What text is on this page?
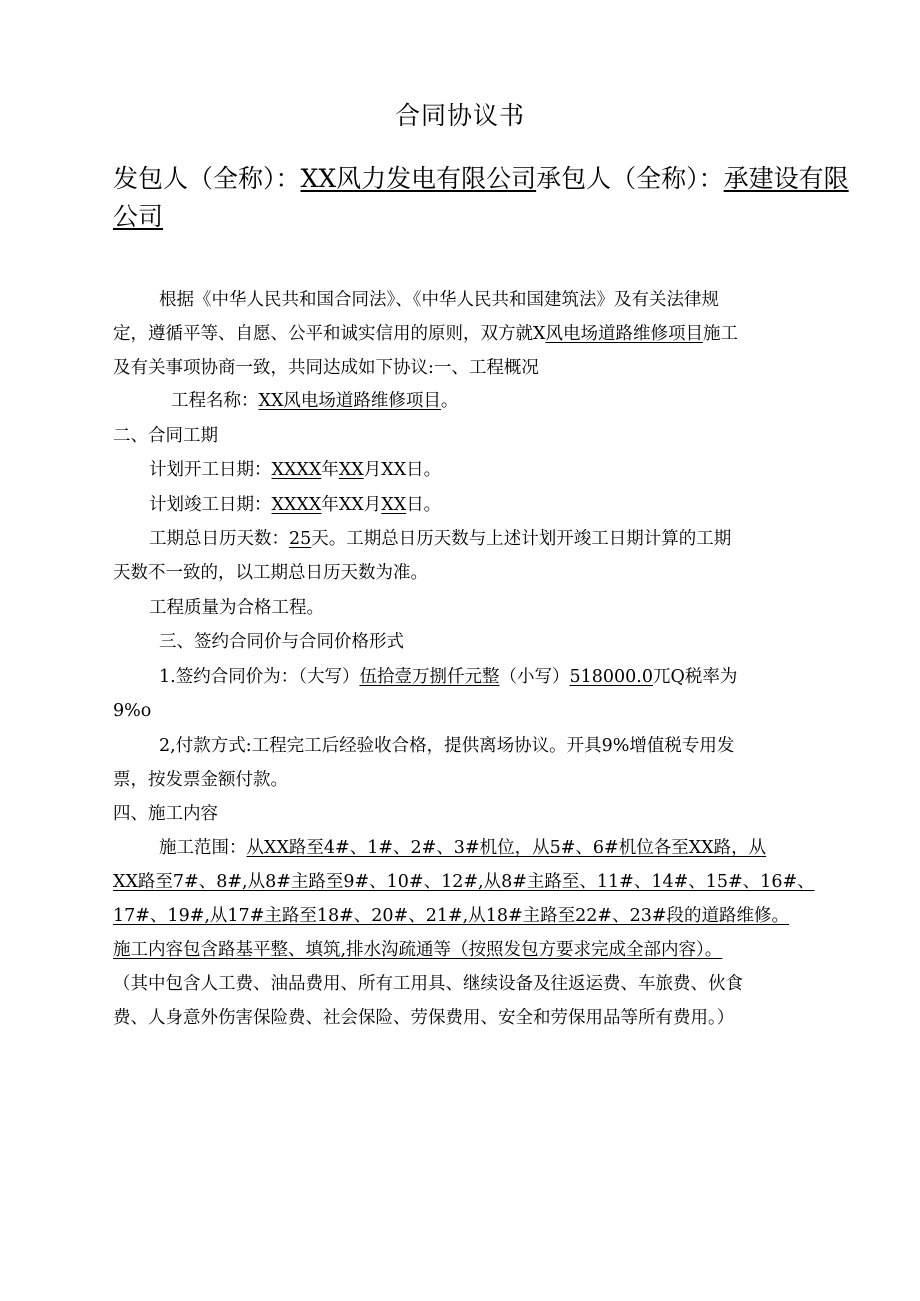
合同协议书
发包人（全称）：XX风力发电有限公司承包人（全称）：承建设有限
公司
根据《中华人民共和国合同法》、《中华人民共和国建筑法》及有关法律规
定，遵循平等、自愿、公平和诚实信用的原则，双方就X风电场道路维修项目施工
及有关事项协商一致，共同达成如下协议:一、工程概况
工程名称：XX风电场道路维修项目。
二、合同工期
计划开工日期：XXXX年XX月XX日。
计划竣工日期：XXXX年XX月XX日。
工期总日历天数：25天。工期总日历天数与上述计划开竣工日期计算的工期
天数不一致的，以工期总日历天数为准。
工程质量为合格工程。
三、签约合同价与合同价格形式
1.签约合同价为：（大写）伍拾壹万捌仟元整（小写）518000.0兀Q税率为
9%o
2,付款方式:工程完工后经验收合格，提供离场协议。开具9%增值税专用发
票，按发票金额付款。
四、施工内容
施工范围：从XX路至4#、1#、2#、3#机位，从5#、6#机位各至XX路，从
XX路至7#、8#,从8#主路至9#、10#、12#,从8#主路至、11#、14#、15#、16#、
17#、19#,从17#主路至18#、20#、21#,从18#主路至22#、23#段的道路维修。
施工内容包含路基平整、填筑,排水沟疏通等（按照发包方要求完成全部内容）。
（其中包含人工费、油品费用、所有工用具、继续设备及往返运费、车旅费、伙食
费、人身意外伤害保险费、社会保险、劳保费用、安全和劳保用品等所有费用。）
